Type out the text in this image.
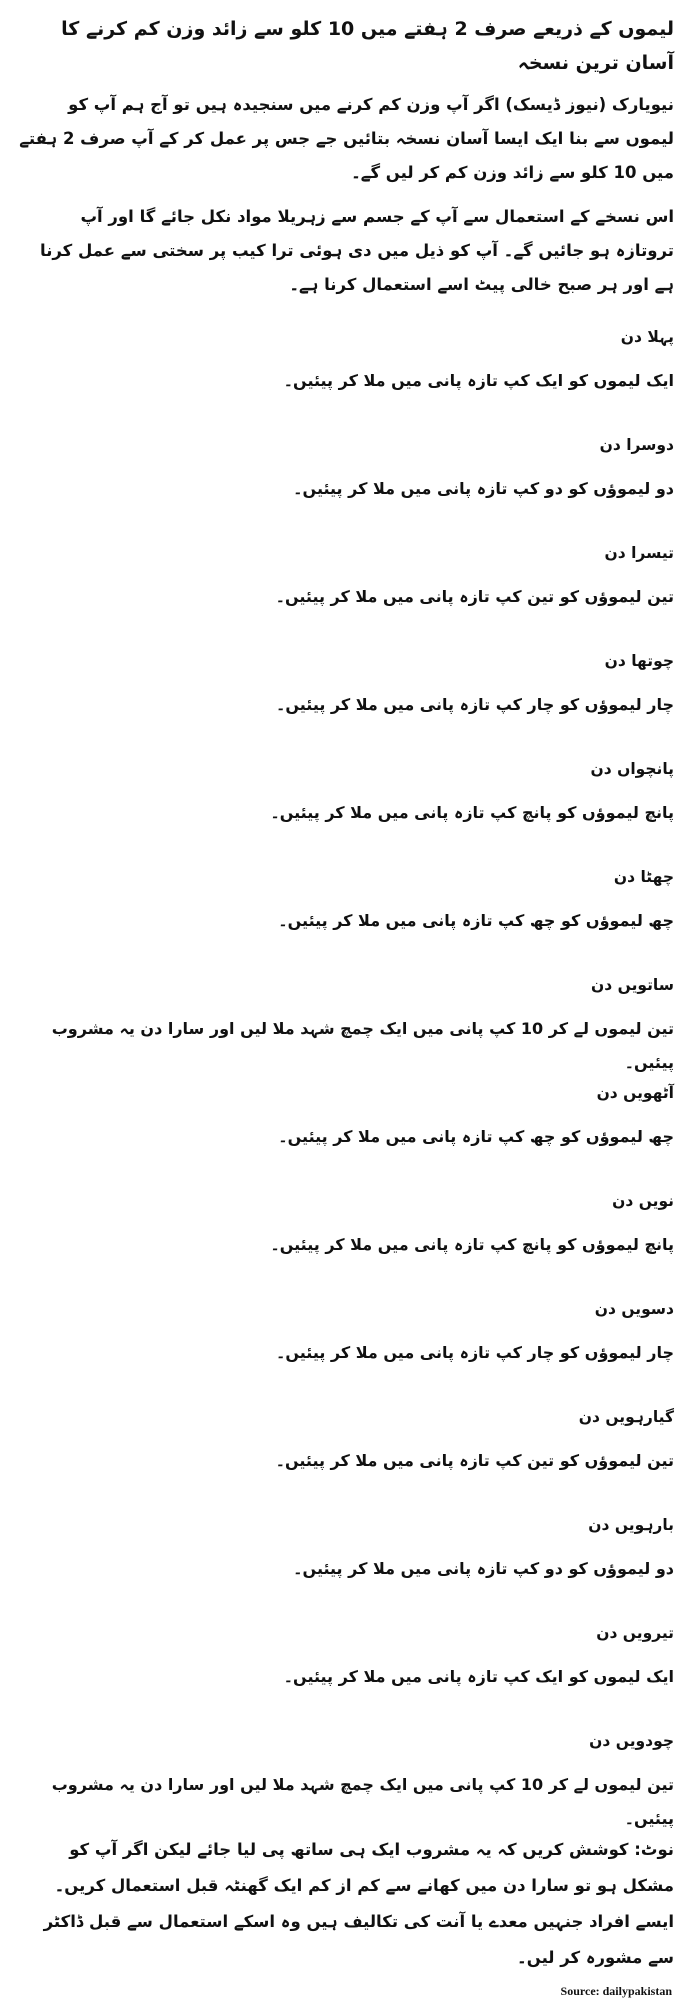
لیموں کے ذریعے صرف 2 ہفتے میں 10 کلو سے زائد وزن کم کرنے کا آسان ترین نسخہ

نیویارک (نیوز ڈیسک) اگر آپ وزن کم کرنے میں سنجیدہ ہیں تو آج ہم آپ کو لیموں سے بنا ایک ایسا آسان نسخہ بتائیں جے جس پر عمل کر کے آپ صرف 2 ہفتے میں 10 کلو سے زائد وزن کم کر لیں گے۔

اس نسخے کے استعمال سے آپ کے جسم سے زہریلا مواد نکل جائے گا اور آپ تروتازہ ہو جائیں گے۔ آپ کو ذیل میں دی ہوئی ترا کیب پر سختی سے عمل کرنا ہے اور ہر صبح خالی پیٹ اسے استعمال کرنا ہے۔

پہلا دن
ایک لیموں کو ایک کپ تازہ پانی میں ملا کر پیئیں۔
دوسرا دن
دو لیموؤں کو دو کپ تازہ پانی میں ملا کر پیئیں۔
تیسرا دن
تین لیموؤں کو تین کپ تازہ پانی میں ملا کر پیئیں۔
چوتھا دن
چار لیموؤں کو چار کپ تازہ پانی میں ملا کر پیئیں۔
پانچواں دن
پانچ لیموؤں کو پانچ کپ تازہ پانی میں ملا کر پیئیں۔
چھٹا دن
چھ لیموؤں کو چھ کپ تازہ پانی میں ملا کر پیئیں۔
ساتویں دن
تین لیموں لے کر 10 کپ پانی میں ایک چمچ شہد ملا لیں اور سارا دن یہ مشروب پیئیں۔
آٹھویں دن
چھ لیموؤں کو چھ کپ تازہ پانی میں ملا کر پیئیں۔
نویں دن
پانچ لیموؤں کو پانچ کپ تازہ پانی میں ملا کر پیئیں۔
دسویں دن
چار لیموؤں کو چار کپ تازہ پانی میں ملا کر پیئیں۔
گیارہویں دن
تین لیموؤں کو تین کپ تازہ پانی میں ملا کر پیئیں۔
بارہویں دن
دو لیموؤں کو دو کپ تازہ پانی میں ملا کر پیئیں۔
تیرویں دن
ایک لیموں کو ایک کپ تازہ پانی میں ملا کر پیئیں۔
چودویں دن
تین لیموں لے کر 10 کپ پانی میں ایک چمچ شہد ملا لیں اور سارا دن یہ مشروب پیئیں۔

نوٹ: کوشش کریں کہ یہ مشروب ایک ہی ساتھ پی لیا جائے لیکن اگر آپ کو مشکل ہو تو سارا دن میں کھانے سے کم از کم ایک گھنٹہ قبل استعمال کریں۔ ایسے افراد جنہیں معدے یا آنت کی تکالیف ہیں وہ اسکے استعمال سے قبل ڈاکٹر سے مشورہ کر لیں۔

Source: dailypakistan
